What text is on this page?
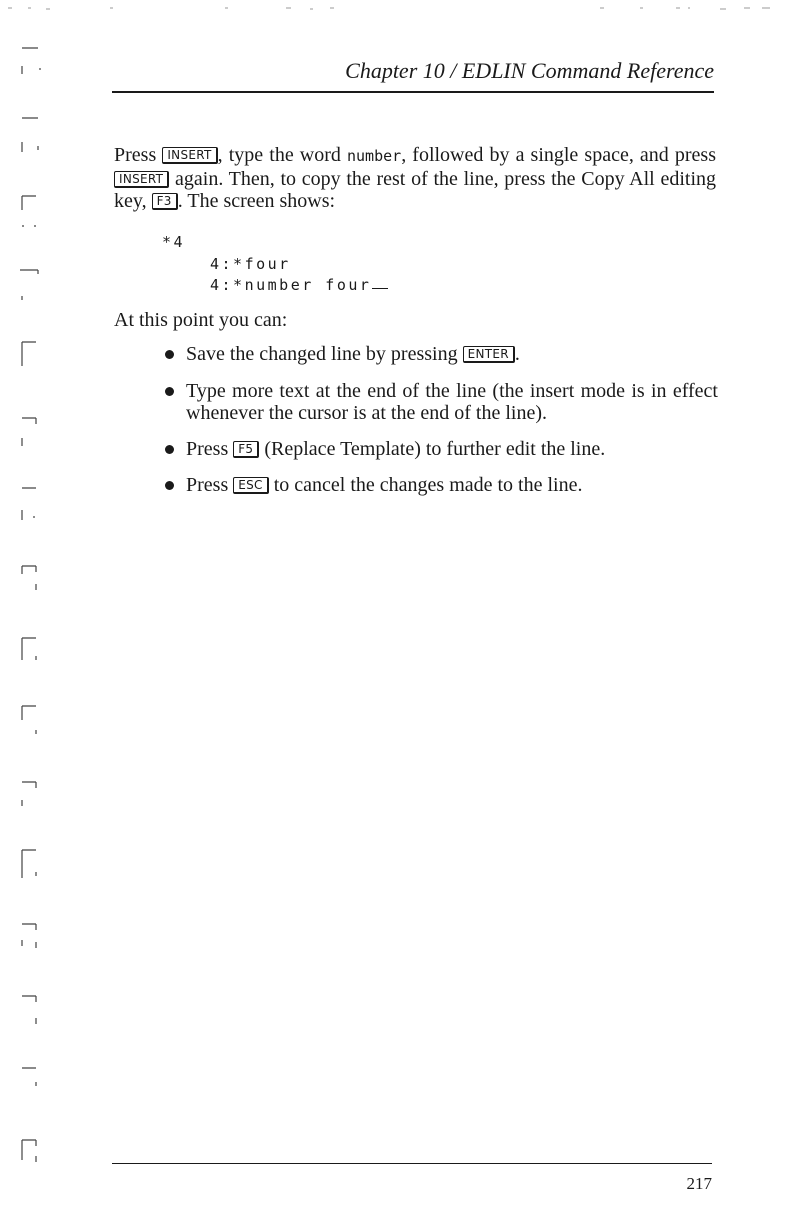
Chapter 10 / EDLIN Command Reference
Press INSERT , type the word number, followed by a single space, and press INSERT again. Then, to copy the rest of the line, press the Copy All editing key, F3 . The screen shows:
*4
4:*four
4:*number four
At this point you can:
Save the changed line by pressing ENTER .
Type more text at the end of the line (the insert mode is in effect whenever the cursor is at the end of the line).
Press F5 (Replace Template) to further edit the line.
Press ESC to cancel the changes made to the line.
217
